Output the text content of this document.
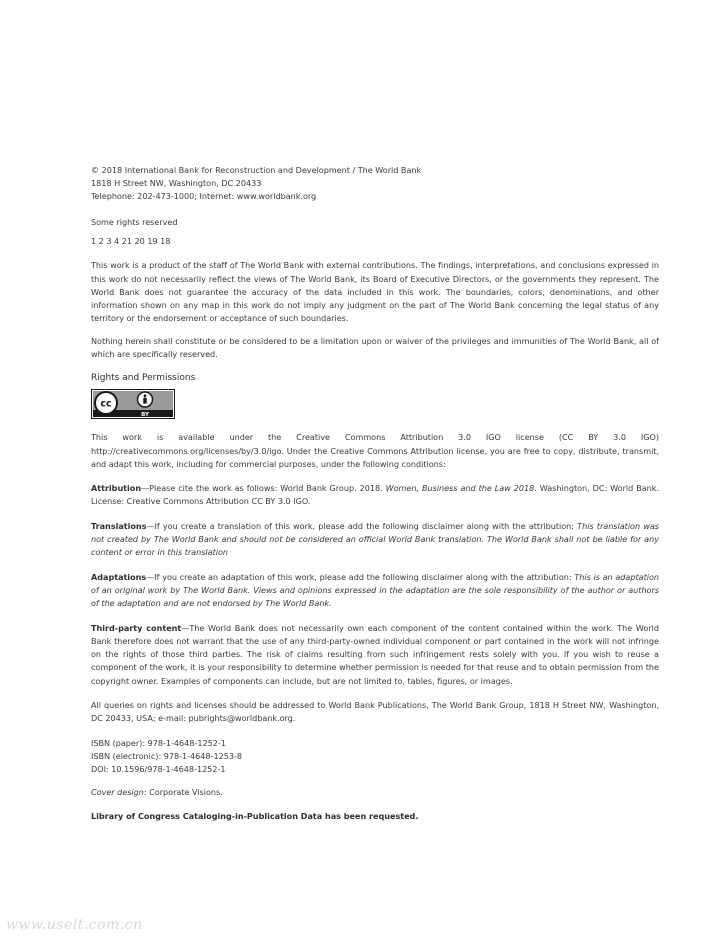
© 2018 International Bank for Reconstruction and Development / The World Bank
1818 H Street NW, Washington, DC 20433
Telephone: 202-473-1000; Internet: www.worldbank.org

Some rights reserved

1 2 3 4 21 20 19 18

This work is a product of the staff of The World Bank with external contributions. The findings, interpretations, and conclusions expressed in this work do not necessarily reflect the views of The World Bank, its Board of Executive Directors, or the governments they represent. The World Bank does not guarantee the accuracy of the data included in this work. The boundaries, colors, denominations, and other information shown on any map in this work do not imply any judgment on the part of The World Bank concerning the legal status of any territory or the endorsement or acceptance of such boundaries.

Nothing herein shall constitute or be considered to be a limitation upon or waiver of the privileges and immunities of The World Bank, all of which are specifically reserved.

Rights and Permissions

cc
BY

This work is available under the Creative Commons Attribution 3.0 IGO license (CC BY 3.0 IGO) http://creativecommons.org/licenses/by/3.0/igo. Under the Creative Commons Attribution license, you are free to copy, distribute, transmit, and adapt this work, including for commercial purposes, under the following conditions:

Attribution—Please cite the work as follows: World Bank Group. 2018. Women, Business and the Law 2018. Washington, DC: World Bank. License: Creative Commons Attribution CC BY 3.0 IGO.

Translations—If you create a translation of this work, please add the following disclaimer along with the attribution: This translation was not created by The World Bank and should not be considered an official World Bank translation. The World Bank shall not be liable for any content or error in this translation

Adaptations—If you create an adaptation of this work, please add the following disclaimer along with the attribution: This is an adaptation of an original work by The World Bank. Views and opinions expressed in the adaptation are the sole responsibility of the author or authors of the adaptation and are not endorsed by The World Bank.

Third-party content—The World Bank does not necessarily own each component of the content contained within the work. The World Bank therefore does not warrant that the use of any third-party-owned individual component or part contained in the work will not infringe on the rights of those third parties. The risk of claims resulting from such infringement rests solely with you. If you wish to reuse a component of the work, it is your responsibility to determine whether permission is needed for that reuse and to obtain permission from the copyright owner. Examples of components can include, but are not limited to, tables, figures, or images.

All queries on rights and licenses should be addressed to World Bank Publications, The World Bank Group, 1818 H Street NW, Washington, DC 20433, USA; e-mail: pubrights@worldbank.org.

ISBN (paper): 978-1-4648-1252-1
ISBN (electronic): 978-1-4648-1253-8
DOI: 10.1596/978-1-4648-1252-1

Cover design: Corporate Visions.

Library of Congress Cataloging-in-Publication Data has been requested.

www.uselt.com.cn
